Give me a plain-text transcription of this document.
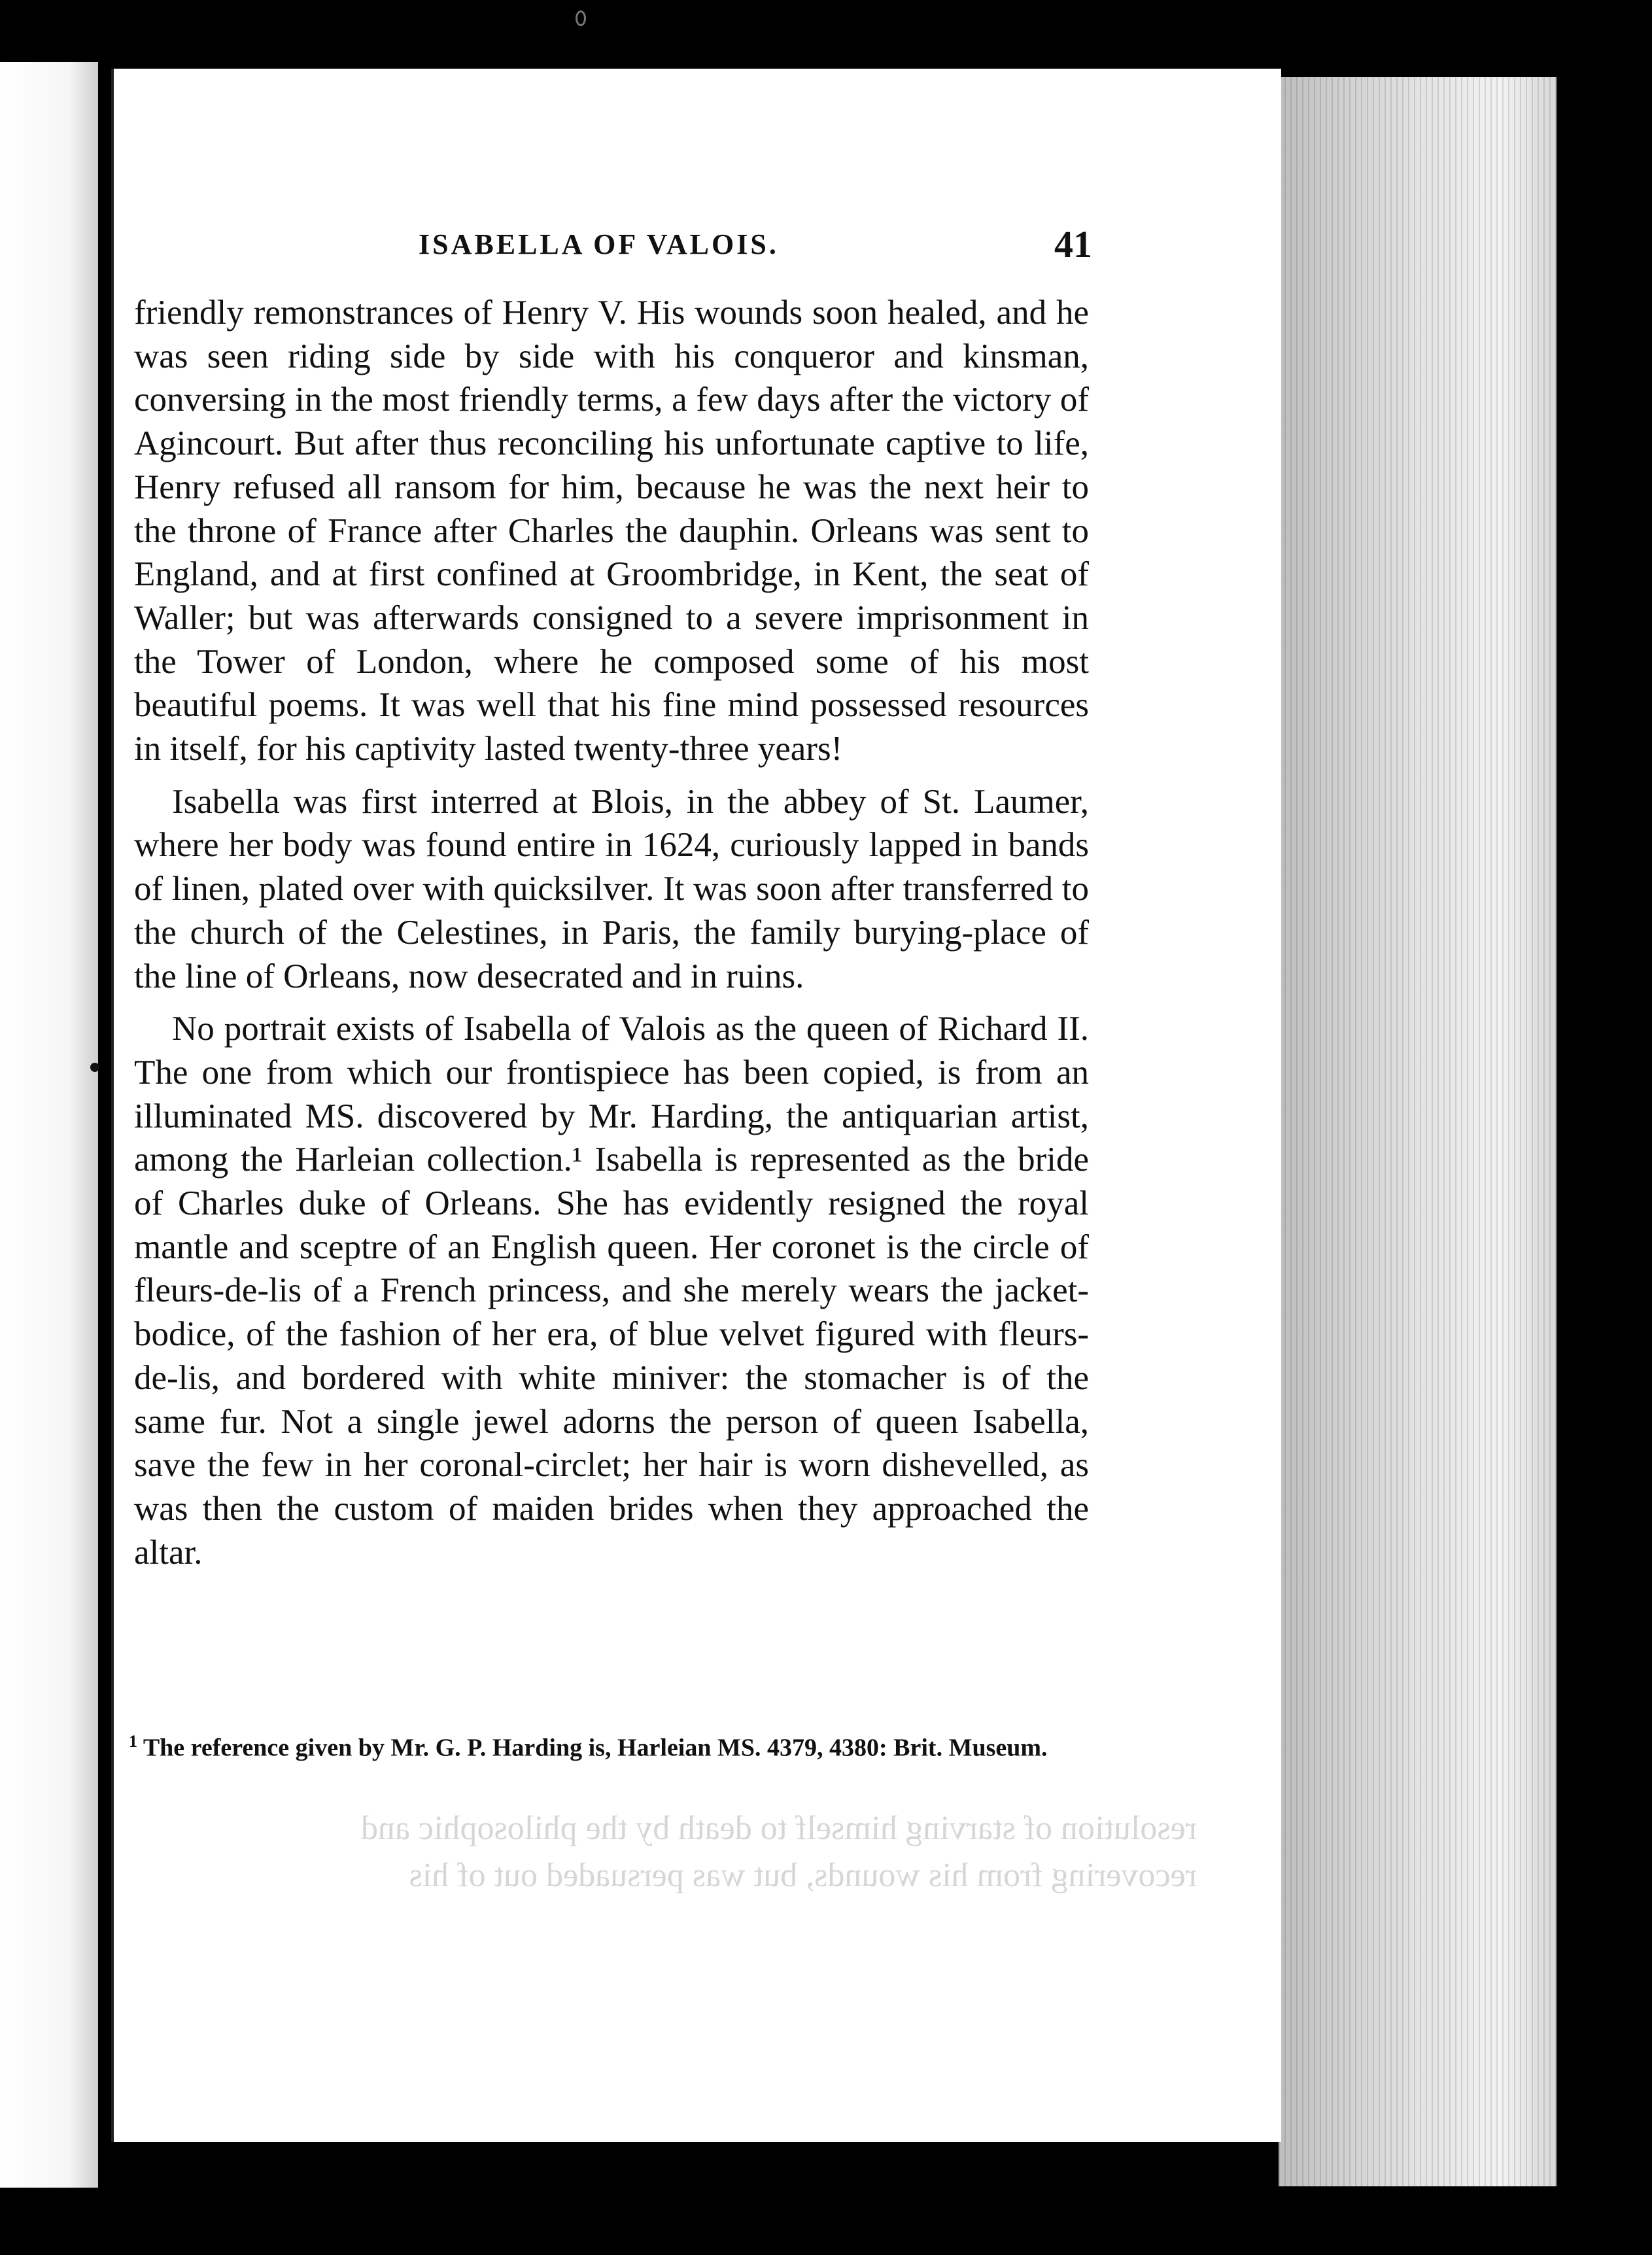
resolution of starving himself to death by the philosophic and
recovering from his wounds, but was persuaded out of his
ISABELLA OF VALOIS.	41

friendly remonstrances of Henry V. His wounds soon healed, and he was seen riding side by side with his conqueror and kinsman, conversing in the most friendly terms, a few days after the victory of Agincourt. But after thus reconciling his unfortunate captive to life, Henry refused all ransom for him, because he was the next heir to the throne of France after Charles the dauphin. Orleans was sent to England, and at first confined at Groombridge, in Kent, the seat of Waller; but was afterwards consigned to a severe imprisonment in the Tower of London, where he composed some of his most beautiful poems. It was well that his fine mind possessed resources in itself, for his captivity lasted twenty-three years!

Isabella was first interred at Blois, in the abbey of St. Laumer, where her body was found entire in 1624, curiously lapped in bands of linen, plated over with quicksilver. It was soon after transferred to the church of the Celestines, in Paris, the family burying-place of the line of Orleans, now desecrated and in ruins.

No portrait exists of Isabella of Valois as the queen of Richard II. The one from which our frontispiece has been copied, is from an illuminated MS. discovered by Mr. Harding, the antiquarian artist, among the Harleian collection.¹ Isabella is represented as the bride of Charles duke of Orleans. She has evidently resigned the royal mantle and sceptre of an English queen. Her coronet is the circle of fleurs-de-lis of a French princess, and she merely wears the jacket-bodice, of the fashion of her era, of blue velvet figured with fleurs-de-lis, and bordered with white miniver: the stomacher is of the same fur. Not a single jewel adorns the person of queen Isabella, save the few in her coronal-circlet; her hair is worn dishevelled, as was then the custom of maiden brides when they approached the altar.

$^1$ The reference given by Mr. G. P. Harding is, Harleian MS. 4379, 4380: Brit. Museum.
